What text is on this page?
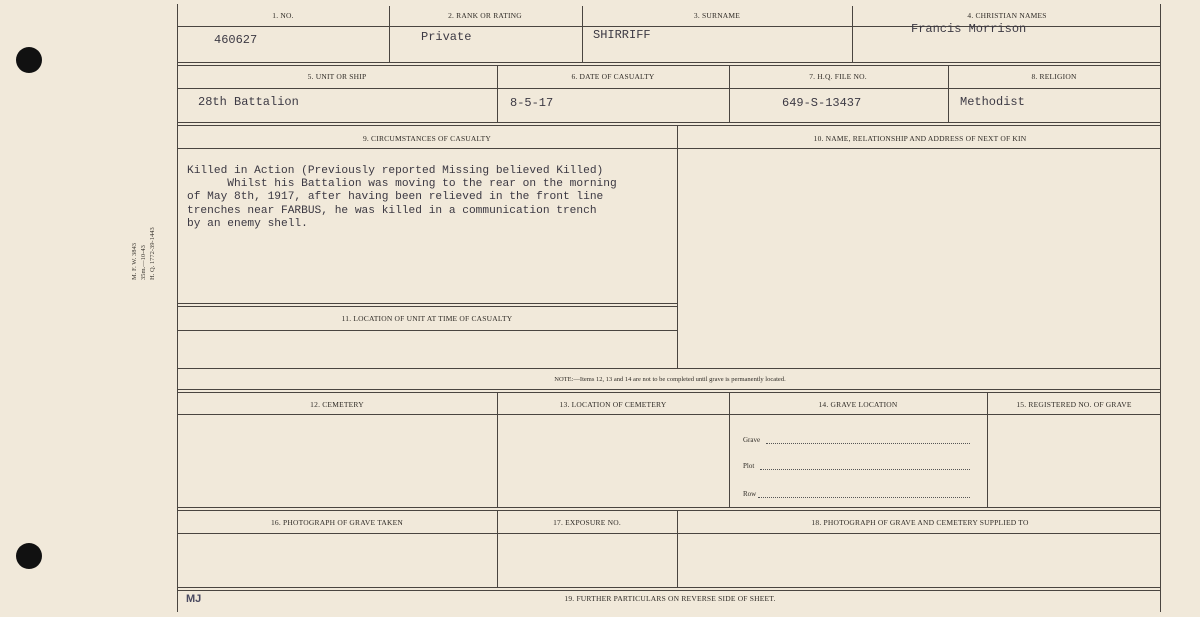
1. NO.	2. RANK OR RATING	3. SURNAME	4. CHRISTIAN NAMES
460627	Private	SHIRRIFF	Francis Morrison
5. UNIT OR SHIP	6. DATE OF CASUALTY	7. H.Q. FILE NO.	8. RELIGION
28th Battalion	8-5-17	649-S-13437	Methodist
9. CIRCUMSTANCES OF CASUALTY	10. NAME, RELATIONSHIP AND ADDRESS OF NEXT OF KIN
Killed in Action (Previously reported Missing believed Killed)
Whilst his Battalion was moving to the rear on the morning
of May 8th, 1917, after having been relieved in the front line
trenches near FARBUS, he was killed in a communication trench
by an enemy shell.
11. LOCATION OF UNIT AT TIME OF CASUALTY
NOTE:—Items 12, 13 and 14 are not to be completed until grave is permanently located.
12. CEMETERY	13. LOCATION OF CEMETERY	14. GRAVE LOCATION	15. REGISTERED NO. OF GRAVE
Grave
Plot
Row
16. PHOTOGRAPH OF GRAVE TAKEN	17. EXPOSURE NO.	18. PHOTOGRAPH OF GRAVE AND CEMETERY SUPPLIED TO
19. FURTHER PARTICULARS ON REVERSE SIDE OF SHEET.
MJ
M. F. W. 3843 35m.—10-43 H. Q. 1772-39-1443
